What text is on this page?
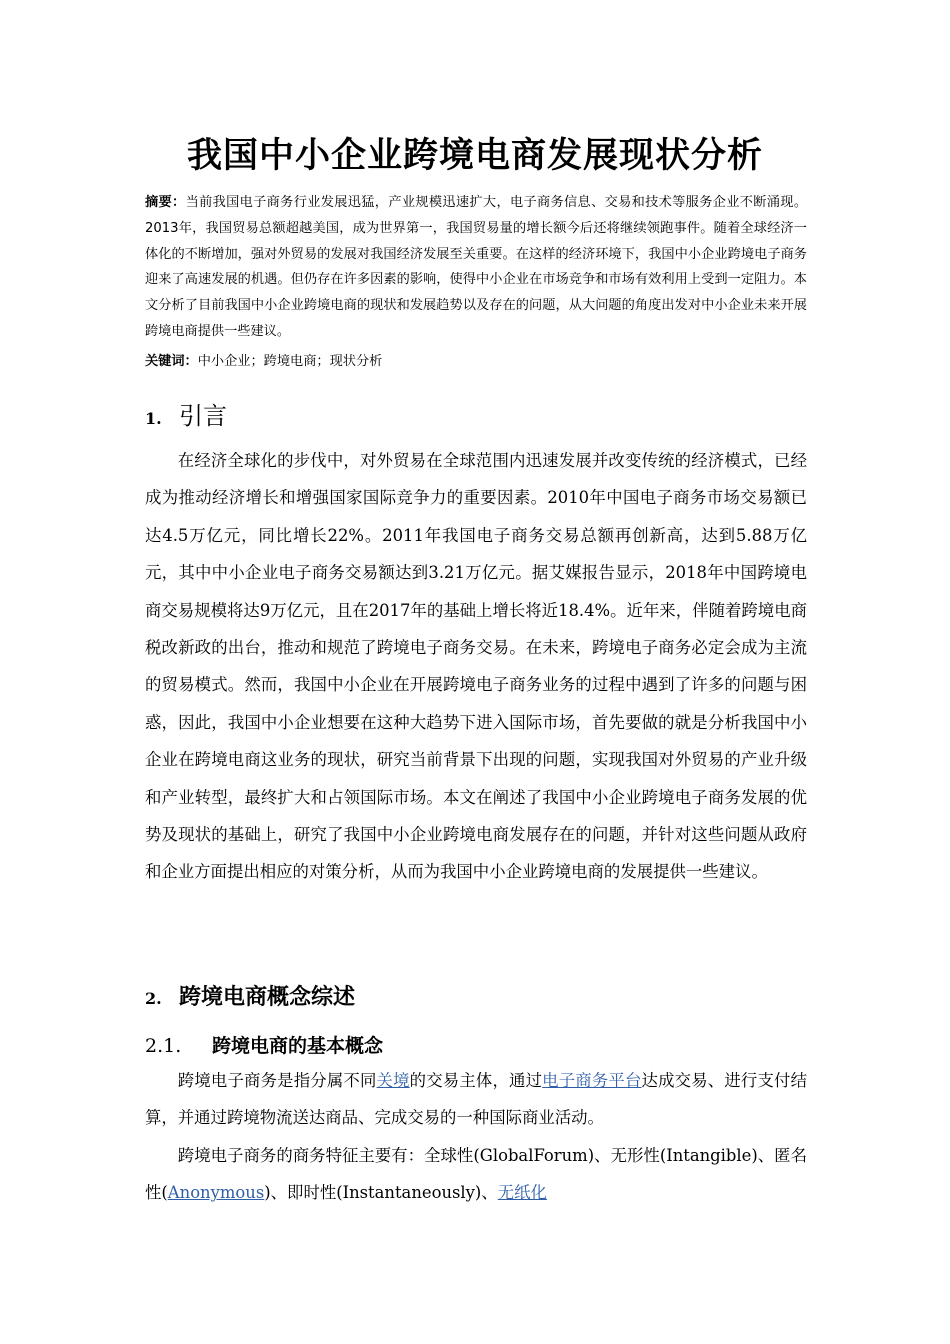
我国中小企业跨境电商发展现状分析
摘要：当前我国电子商务行业发展迅猛，产业规模迅速扩大，电子商务信息、交易和技术等服务企业不断涌现。2013年，我国贸易总额超越美国，成为世界第一，我国贸易量的增长额今后还将继续领跑事件。随着全球经济一体化的不断增加，强对外贸易的发展对我国经济发展至关重要。在这样的经济环境下，我国中小企业跨境电子商务迎来了高速发展的机遇。但仍存在许多因素的影响，使得中小企业在市场竞争和市场有效利用上受到一定阻力。本文分析了目前我国中小企业跨境电商的现状和发展趋势以及存在的问题，从大问题的角度出发对中小企业未来开展跨境电商提供一些建议。
关键词：中小企业；跨境电商；现状分析
1. 引言

在经济全球化的步伐中，对外贸易在全球范围内迅速发展并改变传统的经济模式，已经成为推动经济增长和增强国家国际竞争力的重要因素。2010年中国电子商务市场交易额已达4.5万亿元，同比增长22%。2011年我国电子商务交易总额再创新高，达到5.88万亿元，其中中小企业电子商务交易额达到3.21万亿元。据艾媒报告显示，2018年中国跨境电商交易规模将达9万亿元，且在2017年的基础上增长将近18.4%。近年来，伴随着跨境电商税改新政的出台，推动和规范了跨境电子商务交易。在未来，跨境电子商务必定会成为主流的贸易模式。然而，我国中小企业在开展跨境电子商务业务的过程中遇到了许多的问题与困惑，因此，我国中小企业想要在这种大趋势下进入国际市场，首先要做的就是分析我国中小企业在跨境电商这业务的现状，研究当前背景下出现的问题，实现我国对外贸易的产业升级和产业转型，最终扩大和占领国际市场。本文在阐述了我国中小企业跨境电子商务发展的优势及现状的基础上，研究了我国中小企业跨境电商发展存在的问题，并针对这些问题从政府和企业方面提出相应的对策分析，从而为我国中小企业跨境电商的发展提供一些建议。

2. 跨境电商概念综述
2.1. 跨境电商的基本概念

跨境电子商务是指分属不同关境的交易主体，通过电子商务平台达成交易、进行支付结算，并通过跨境物流送达商品、完成交易的一种国际商业活动。

跨境电子商务的商务特征主要有：全球性(GlobalForum)、无形性(Intangible)、匿名性(Anonymous)、即时性(Instantaneously)、无纸化
